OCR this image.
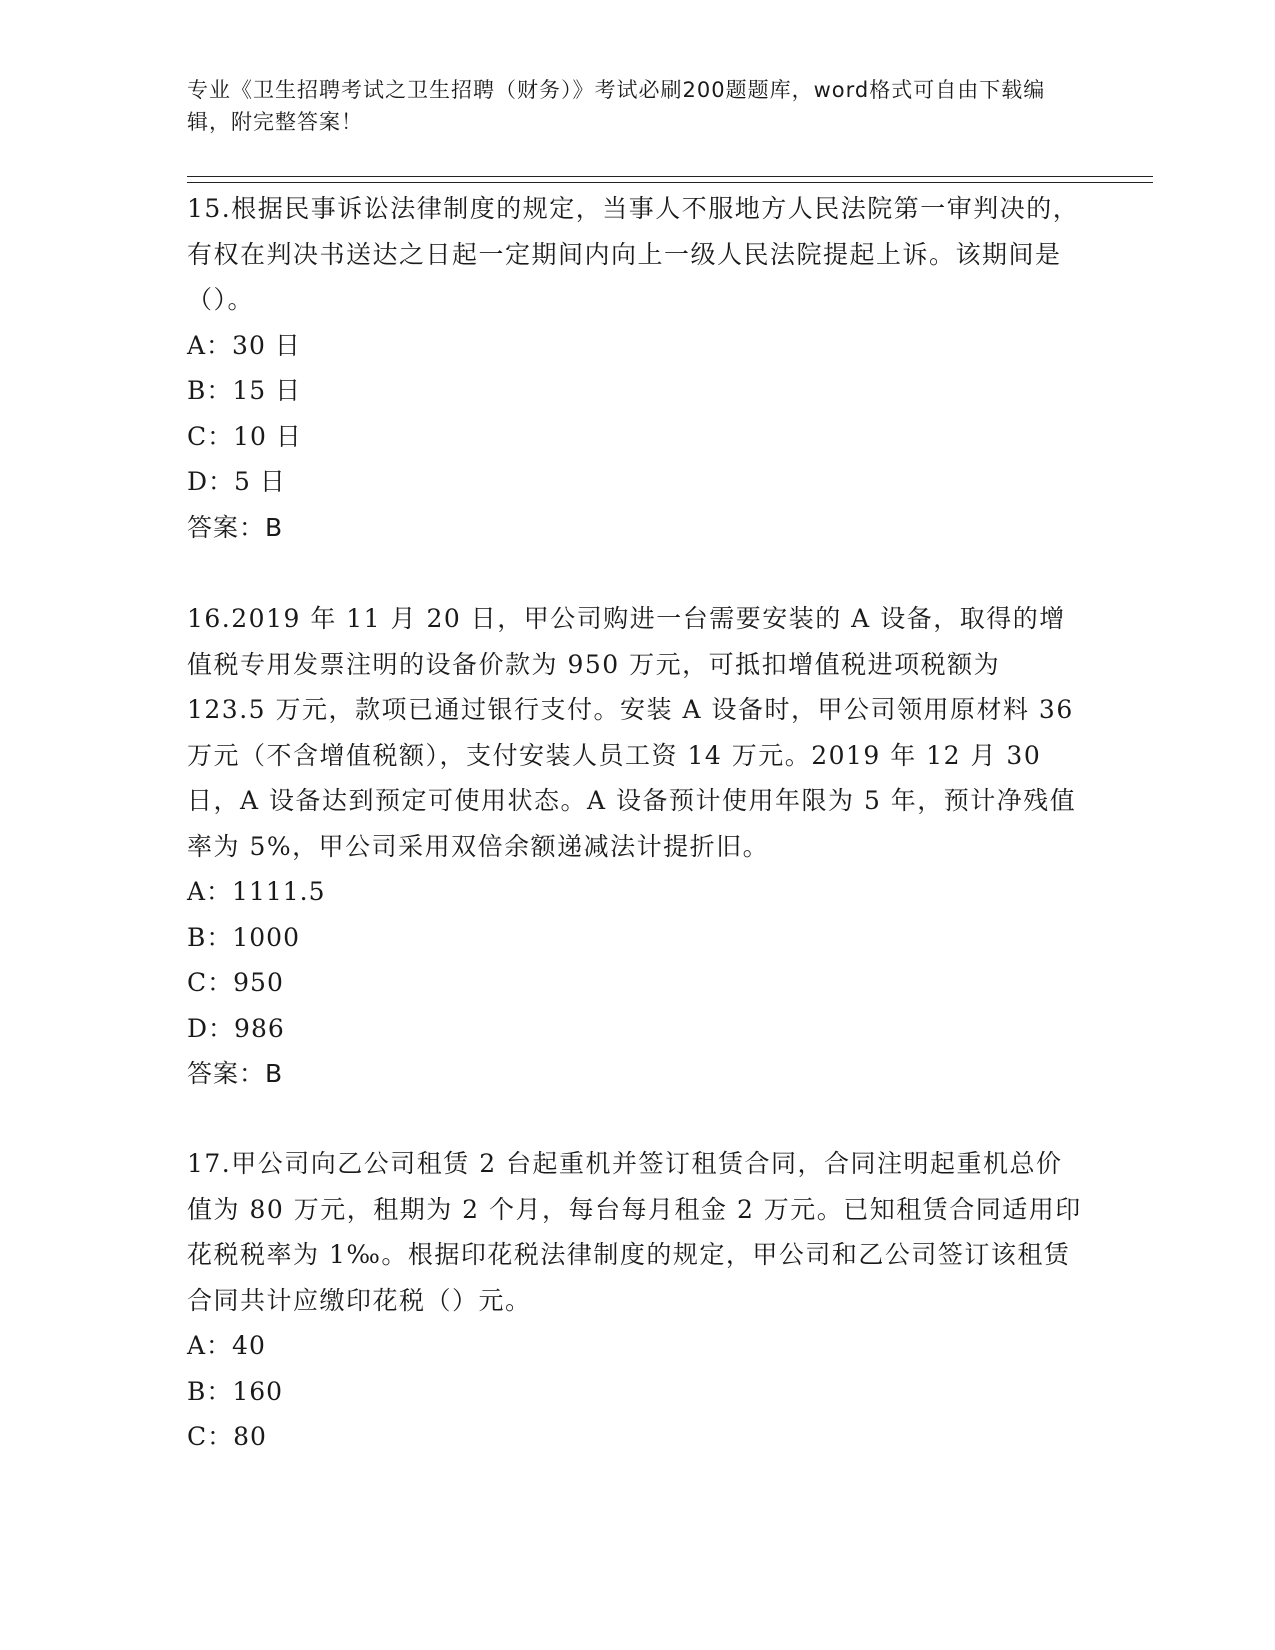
专业《卫生招聘考试之卫生招聘（财务）》考试必刷200题题库，word格式可自由下载编辑，附完整答案！

15.根据民事诉讼法律制度的规定，当事人不服地方人民法院第一审判决的，有权在判决书送达之日起一定期间内向上一级人民法院提起上诉。该期间是（）。

A：30 日
B：15 日
C：10 日
D：5 日
答案：B

16.2019 年 11 月 20 日，甲公司购进一台需要安装的 A 设备，取得的增值税专用发票注明的设备价款为 950 万元，可抵扣增值税进项税额为 123.5 万元，款项已通过银行支付。安装 A 设备时，甲公司领用原材料 36 万元（不含增值税额），支付安装人员工资 14 万元。2019 年 12 月 30 日，A 设备达到预定可使用状态。A 设备预计使用年限为 5 年，预计净残值率为 5%，甲公司采用双倍余额递减法计提折旧。

A：1111.5
B：1000
C：950
D：986
答案：B

17.甲公司向乙公司租赁 2 台起重机并签订租赁合同，合同注明起重机总价值为 80 万元，租期为 2 个月，每台每月租金 2 万元。已知租赁合同适用印花税税率为 1‰。根据印花税法律制度的规定，甲公司和乙公司签订该租赁合同共计应缴印花税（）元。

A：40
B：160
C：80
